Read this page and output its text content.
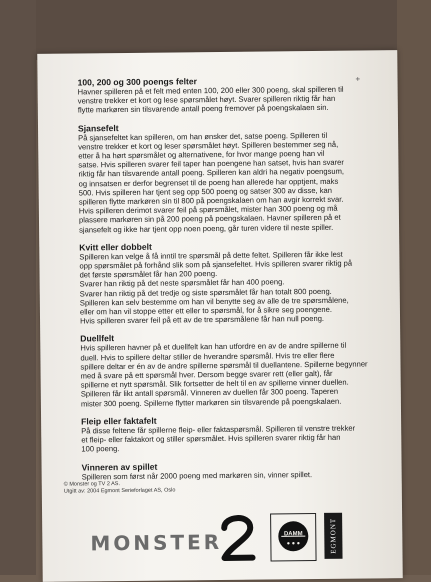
+
100, 200 og 300 poengs felter
Havner spilleren på et felt med enten 100, 200 eller 300 poeng, skal spilleren til
venstre trekker et kort og lese spørsmålet høyt. Svarer spilleren riktig får han
flytte markøren sin tilsvarende antall poeng fremover på poengskalaen sin.
Sjansefelt
På sjansefeltet kan spilleren, om han ønsker det, satse poeng. Spilleren til
venstre trekker et kort og leser spørsmålet høyt. Spilleren bestemmer seg nå,
etter å ha hørt spørsmålet og alternativene, for hvor mange poeng han vil
satse. Hvis spilleren svarer feil taper han poengene han satset, hvis han svarer
riktig får han tilsvarende antall poeng. Spilleren kan aldri ha negativ poengsum,
og innsatsen er derfor begrenset til de poeng han allerede har opptjent, maks
500. Hvis spilleren har tjent seg opp 500 poeng og satser 300 av disse, kan
spilleren flytte markøren sin til 800 på poengskalaen om han avgir korrekt svar.
Hvis spilleren derimot svarer feil på spørsmålet, mister han 300 poeng og må
plassere markøren sin på 200 poeng på poengskalaen. Havner spilleren på et
sjansefelt og ikke har tjent opp noen poeng, går turen videre til neste spiller.
Kvitt eller dobbelt
Spilleren kan velge å få inntil tre spørsmål på dette feltet. Spilleren får ikke lest
opp spørsmålet på forhånd slik som på sjansefeltet. Hvis spilleren svarer riktig på
det første spørsmålet får han 200 poeng.
Svarer han riktig på det neste spørsmålet får han 400 poeng.
Svarer han riktig på det tredje og siste spørsmålet får han totalt 800 poeng.
Spilleren kan selv bestemme om han vil benytte seg av alle de tre spørsmålene,
eller om han vil stoppe etter ett eller to spørsmål, for å sikre seg poengene.
Hvis spilleren svarer feil på ett av de tre spørsmålene får han null poeng.
Duellfelt
Hvis spilleren havner på et duellfelt kan han utfordre en av de andre spillerne til
duell. Hvis to spillere deltar stiller de hverandre spørsmål. Hvis tre eller flere
spillere deltar er én av de andre spillerne spørsmål til duellantene. Spillerne begynner
med å svare på ett spørsmål hver. Dersom begge svarer rett (eller galt), får
spillerne et nytt spørsmål. Slik fortsetter de helt til en av spillerne vinner duellen.
Spilleren får likt antall spørsmål. Vinneren av duellen får 300 poeng. Taperen
mister 300 poeng. Spillerne flytter markøren sin tilsvarende på poengskalaen.
Fleip eller faktafelt
På disse feltene får spillerne fleip- eller faktaspørsmål. Spilleren til venstre trekker
et fleip- eller faktakort og stiller spørsmålet. Hvis spilleren svarer riktig får han
100 poeng.
Vinneren av spillet
Spilleren som først når 2000 poeng med markøren sin, vinner spillet.
© Monster og TV 2 AS.
Utgitt av: 2004 Egmont Serieforlaget AS, Oslo
MONSTER
2
DAMM	EGMONT
